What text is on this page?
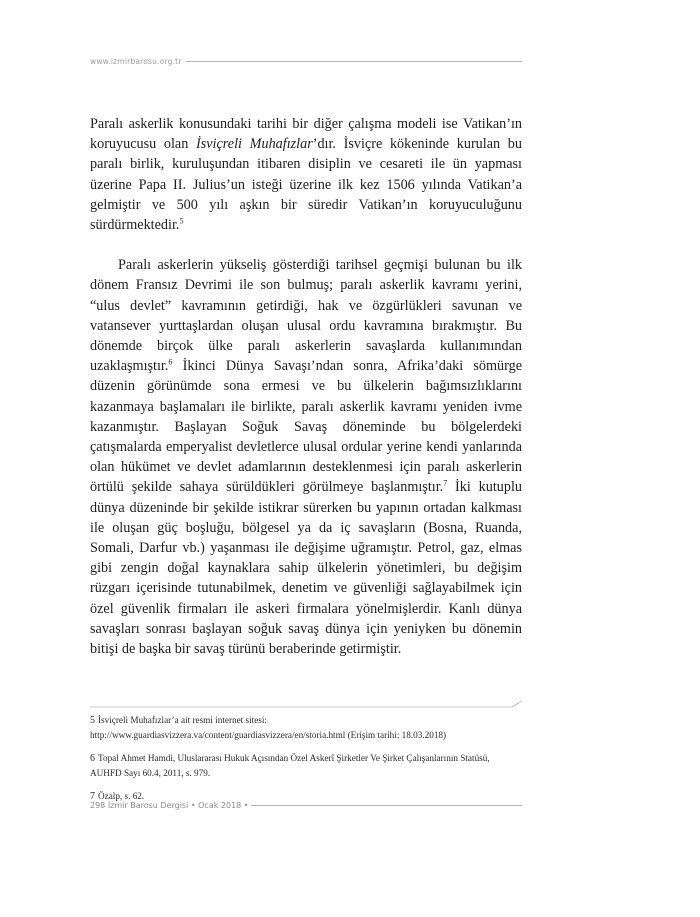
www.izmirbarosu.org.tr

Paralı askerlik konusundaki tarihi bir diğer çalışma modeli ise Vatikan’ın koruyucusu olan İsviçreli Muhafızlar’dır. İsviçre kökeninde kurulan bu paralı birlik, kuruluşundan itibaren disiplin ve cesareti ile ün yapması üzerine Papa II. Julius’un isteği üzerine ilk kez 1506 yılında Vatikan’a gelmiştir ve 500 yılı aşkın bir süredir Vatikan’ın koruyuculuğunu sürdürmektedir.$^5$

Paralı askerlerin yükseliş gösterdiği tarihsel geçmişi bulunan bu ilk dönem Fransız Devrimi ile son bulmuş; paralı askerlik kavramı yerini, “ulus devlet” kavramının getirdiği, hak ve özgürlükleri savunan ve vatansever yurttaşlardan oluşan ulusal ordu kavramına bırakmıştır. Bu dönemde birçok ülke paralı askerlerin savaşlarda kullanımından uzaklaşmıştır.$^6$ İkinci Dünya Savaşı’ndan sonra, Afrika’daki sömürge düzenin görünümde sona ermesi ve bu ülkelerin bağımsızlıklarını kazanmaya başlamaları ile birlikte, paralı askerlik kavramı yeniden ivme kazanmıştır. Başlayan Soğuk Savaş döneminde bu bölgelerdeki çatışmalarda emperyalist devletlerce ulusal ordular yerine kendi yanlarında olan hükümet ve devlet adamlarının desteklenmesi için paralı askerlerin örtülü şekilde sahaya sürüldükleri görülmeye başlanmıştır.$^7$ İki kutuplu dünya düzeninde bir şekilde istikrar sürerken bu yapının ortadan kalkması ile oluşan güç boşluğu, bölgesel ya da iç savaşların (Bosna, Ruanda, Somali, Darfur vb.) yaşanması ile değişime uğramıştır. Petrol, gaz, elmas gibi zengin doğal kaynaklara sahip ülkelerin yönetimleri, bu değişim rüzgarı içerisinde tutunabilmek, denetim ve güvenliği sağlayabilmek için özel güvenlik firmaları ile askeri firmalara yönelmişlerdir. Kanlı dünya savaşları sonrası başlayan soğuk savaş dünya için yeniyken bu dönemin bitişi de başka bir savaş türünü beraberinde getirmiştir.

5 İsviçreli Muhafızlar’a ait resmi internet sitesi: http://www.guardiasvizzera.va/content/guardiasvizzera/en/storia.html (Erişim tarihi: 18.03.2018)
6 Topal Ahmet Hamdi, Uluslararası Hukuk Açısından Özel Askerî Şirketler Ve Şirket Çalışanlarının Statüsü, AUHFD Sayı 60.4, 2011, s. 979.
7 Özalp, s. 62.
298 İzmir Barosu Dergisi • Ocak 2018 •
